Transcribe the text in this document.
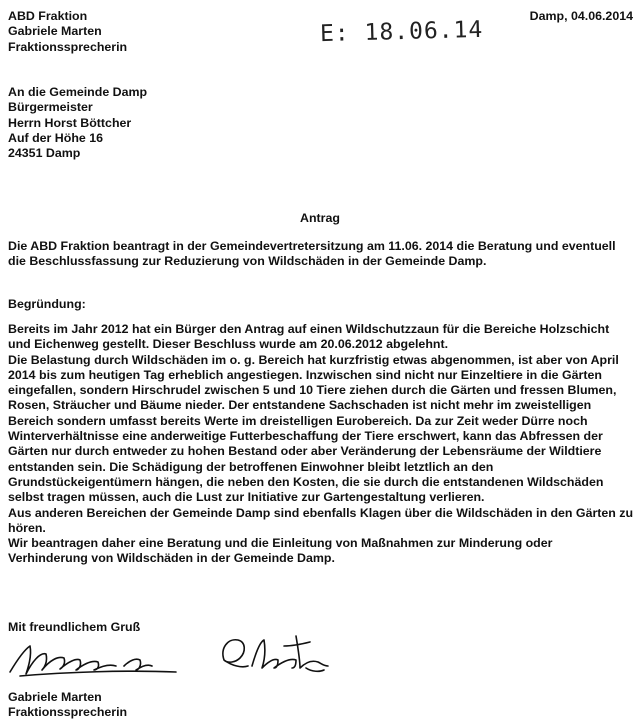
ABD Fraktion
Gabriele Marten
Fraktionssprecherin
Damp, 04.06.2014
E: 18.06.14
An die Gemeinde Damp
Bürgermeister
Herrn Horst Böttcher
Auf der Höhe 16
24351 Damp
Antrag
Die ABD Fraktion beantragt in der Gemeindevertretersitzung am 11.06. 2014 die Beratung und eventuell die Beschlussfassung zur Reduzierung von Wildschäden in der Gemeinde Damp.
Begründung:
Bereits im Jahr 2012 hat ein Bürger den Antrag auf einen Wildschutzzaun für die Bereiche Holzschicht und Eichenweg gestellt. Dieser Beschluss wurde am 20.06.2012 abgelehnt.
Die Belastung durch Wildschäden im o. g. Bereich hat kurzfristig etwas abgenommen, ist aber von April 2014 bis zum heutigen Tag erheblich angestiegen. Inzwischen sind nicht nur Einzeltiere in die Gärten eingefallen, sondern Hirschrudel zwischen 5 und 10 Tiere ziehen durch die Gärten und fressen Blumen, Rosen, Sträucher und Bäume nieder. Der entstandene Sachschaden ist nicht mehr im zweistelligen Bereich sondern umfasst bereits Werte im dreistelligen Eurobereich. Da zur Zeit weder Dürre noch Winterverhältnisse eine anderweitige Futterbeschaffung der Tiere erschwert, kann das Abfressen der Gärten nur durch entweder zu hohen Bestand oder aber Veränderung der Lebensräume der Wildtiere entstanden sein. Die Schädigung der betroffenen Einwohner bleibt letztlich an den Grundstückeigentümern hängen, die neben den Kosten, die sie durch die entstandenen Wildschäden selbst tragen müssen, auch die Lust zur Initiative zur Gartengestaltung verlieren.
Aus anderen Bereichen der Gemeinde Damp sind ebenfalls Klagen über die Wildschäden in den Gärten zu hören.
Wir beantragen daher eine Beratung und die Einleitung von Maßnahmen zur Minderung oder Verhinderung von Wildschäden in der Gemeinde Damp.
Mit freundlichem Gruß
Gabriele Marten
Fraktionssprecherin
